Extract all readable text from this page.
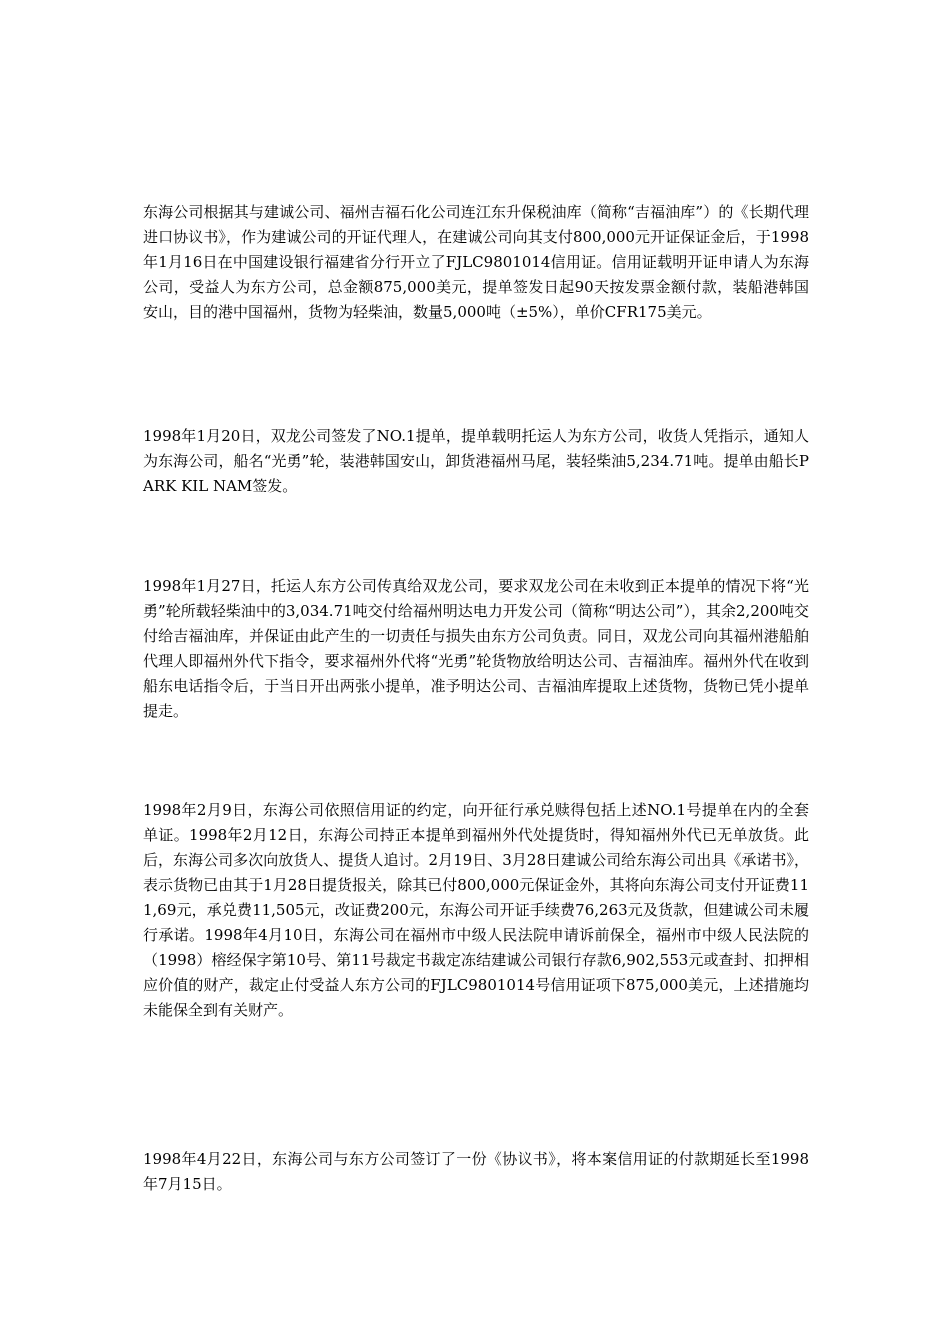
东海公司根据其与建诚公司、福州吉福石化公司连江东升保税油库（简称“吉福油库”）的《长期代理进口协议书》，作为建诚公司的开证代理人，在建诚公司向其支付800,000元开证保证金后，于1998年1月16日在中国建设银行福建省分行开立了FJLC9801014信用证。信用证载明开证申请人为东海公司，受益人为东方公司，总金额875,000美元，提单签发日起90天按发票金额付款，装船港韩国安山，目的港中国福州，货物为轻柴油，数量5,000吨（±5%），单价CFR175美元。

1998年1月20日，双龙公司签发了NO.1提单，提单载明托运人为东方公司，收货人凭指示，通知人为东海公司，船名“光勇”轮，装港韩国安山，卸货港福州马尾，装轻柴油5,234.71吨。提单由船长PARK KIL NAM签发。

1998年1月27日，托运人东方公司传真给双龙公司，要求双龙公司在未收到正本提单的情况下将“光勇”轮所载轻柴油中的3,034.71吨交付给福州明达电力开发公司（简称“明达公司”），其余2,200吨交付给吉福油库，并保证由此产生的一切责任与损失由东方公司负责。同日，双龙公司向其福州港船舶代理人即福州外代下指令，要求福州外代将“光勇”轮货物放给明达公司、吉福油库。福州外代在收到船东电话指令后，于当日开出两张小提单，准予明达公司、吉福油库提取上述货物，货物已凭小提单提走。

1998年2月9日，东海公司依照信用证的约定，向开征行承兑赎得包括上述NO.1号提单在内的全套单证。1998年2月12日，东海公司持正本提单到福州外代处提货时，得知福州外代已无单放货。此后，东海公司多次向放货人、提货人追讨。2月19日、3月28日建诚公司给东海公司出具《承诺书》，表示货物已由其于1月28日提货报关，除其已付800,000元保证金外，其将向东海公司支付开证费111,69元，承兑费11,505元，改证费200元，东海公司开证手续费76,263元及货款，但建诚公司未履行承诺。1998年4月10日，东海公司在福州市中级人民法院申请诉前保全，福州市中级人民法院的（1998）榕经保字第10号、第11号裁定书裁定冻结建诚公司银行存款6,902,553元或查封、扣押相应价值的财产，裁定止付受益人东方公司的FJLC9801014号信用证项下875,000美元，上述措施均未能保全到有关财产。

1998年4月22日，东海公司与东方公司签订了一份《协议书》，将本案信用证的付款期延长至1998年7月15日。
